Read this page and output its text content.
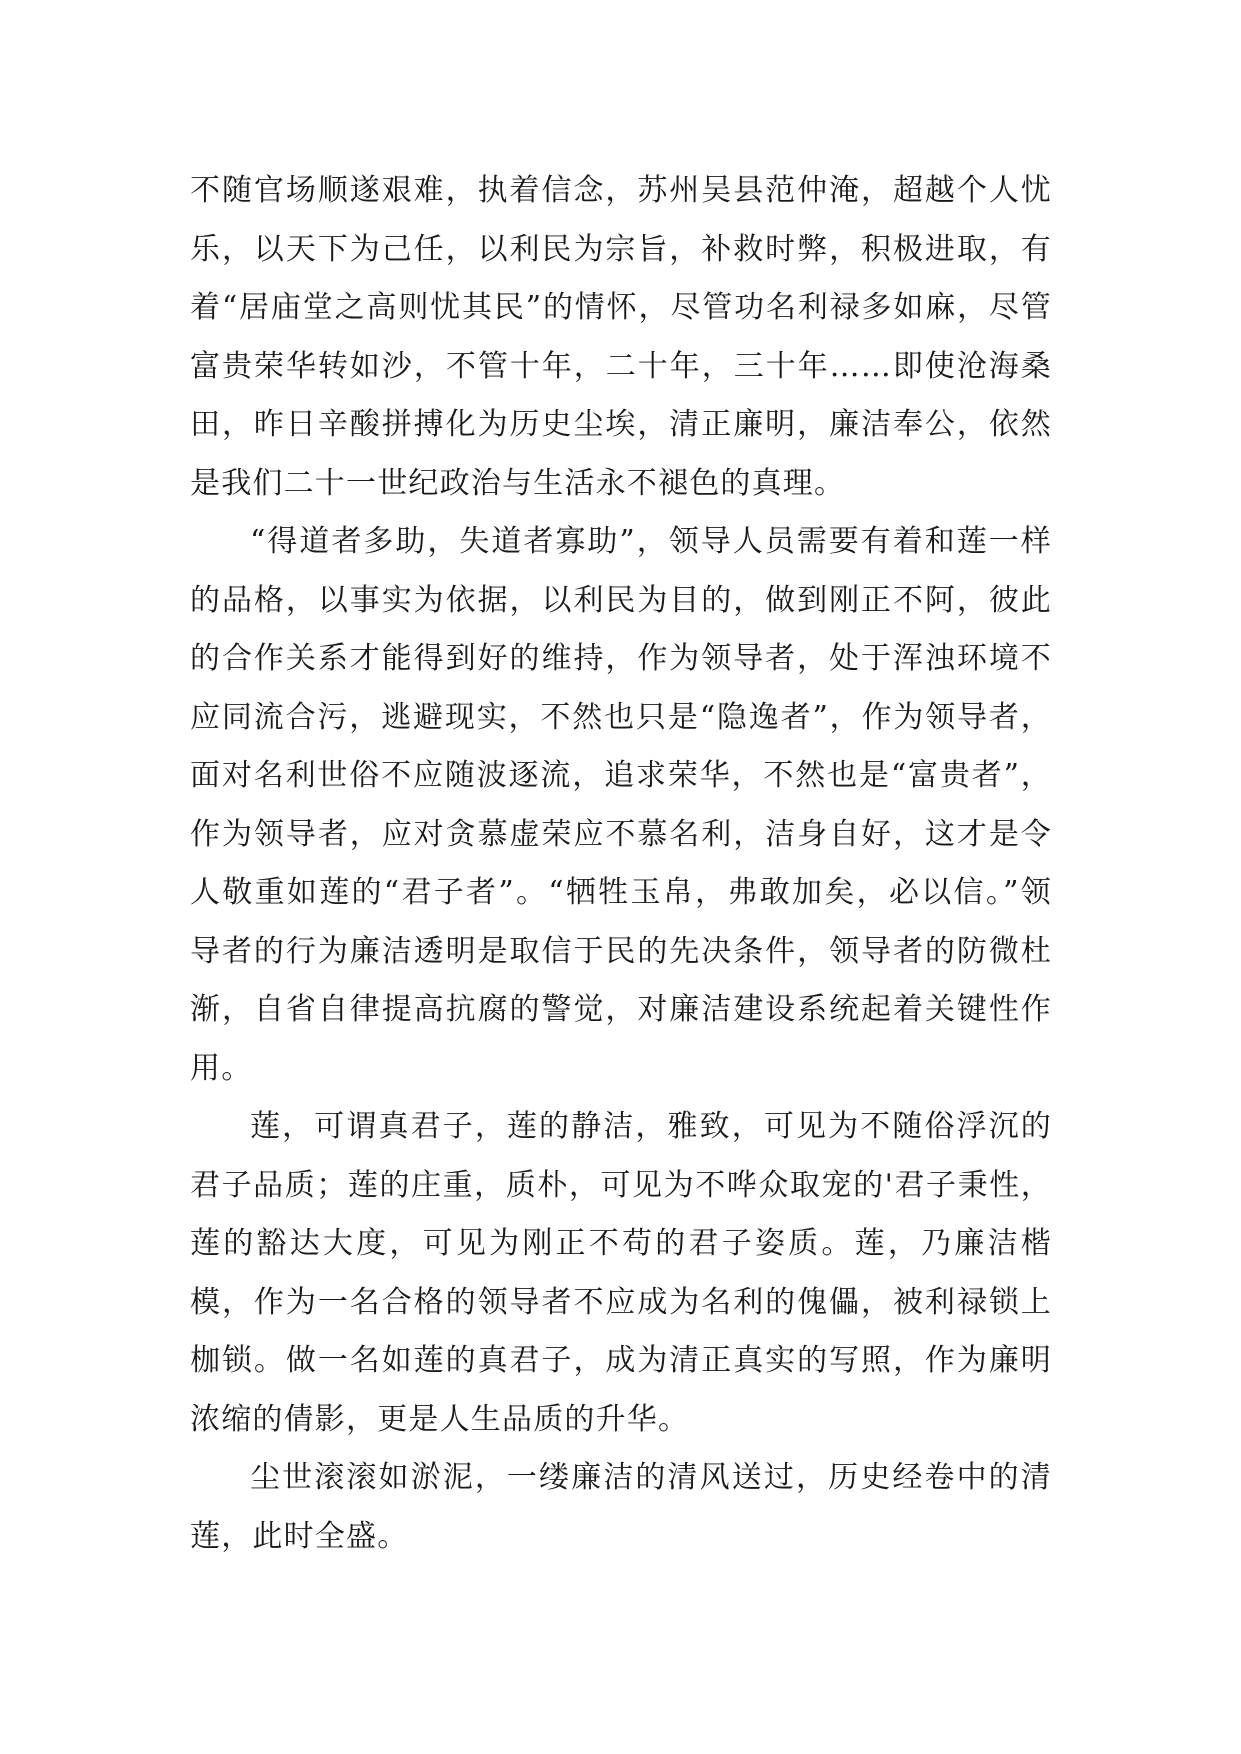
不随官场顺遂艰难，执着信念，苏州吴县范仲淹，超越个人忧乐，以天下为己任，以利民为宗旨，补救时弊，积极进取，有着“居庙堂之高则忧其民”的情怀，尽管功名利禄多如麻，尽管富贵荣华转如沙，不管十年，二十年，三十年……即使沧海桑田，昨日辛酸拼搏化为历史尘埃，清正廉明，廉洁奉公，依然是我们二十一世纪政治与生活永不褪色的真理。

“得道者多助，失道者寡助”，领导人员需要有着和莲一样的品格，以事实为依据，以利民为目的，做到刚正不阿，彼此的合作关系才能得到好的维持，作为领导者，处于浑浊环境不应同流合污，逃避现实，不然也只是“隐逸者”，作为领导者，面对名利世俗不应随波逐流，追求荣华，不然也是“富贵者”，作为领导者，应对贪慕虚荣应不慕名利，洁身自好，这才是令人敬重如莲的“君子者”。“牺牲玉帛，弗敢加矣，必以信。”领导者的行为廉洁透明是取信于民的先决条件，领导者的防微杜渐，自省自律提高抗腐的警觉，对廉洁建设系统起着关键性作用。

莲，可谓真君子，莲的静洁，雅致，可见为不随俗浮沉的君子品质；莲的庄重，质朴，可见为不哗众取宠的'君子秉性，莲的豁达大度，可见为刚正不苟的君子姿质。莲，乃廉洁楷模，作为一名合格的领导者不应成为名利的傀儡，被利禄锁上枷锁。做一名如莲的真君子，成为清正真实的写照，作为廉明浓缩的倩影，更是人生品质的升华。

尘世滚滚如淤泥，一缕廉洁的清风送过，历史经卷中的清莲，此时全盛。
